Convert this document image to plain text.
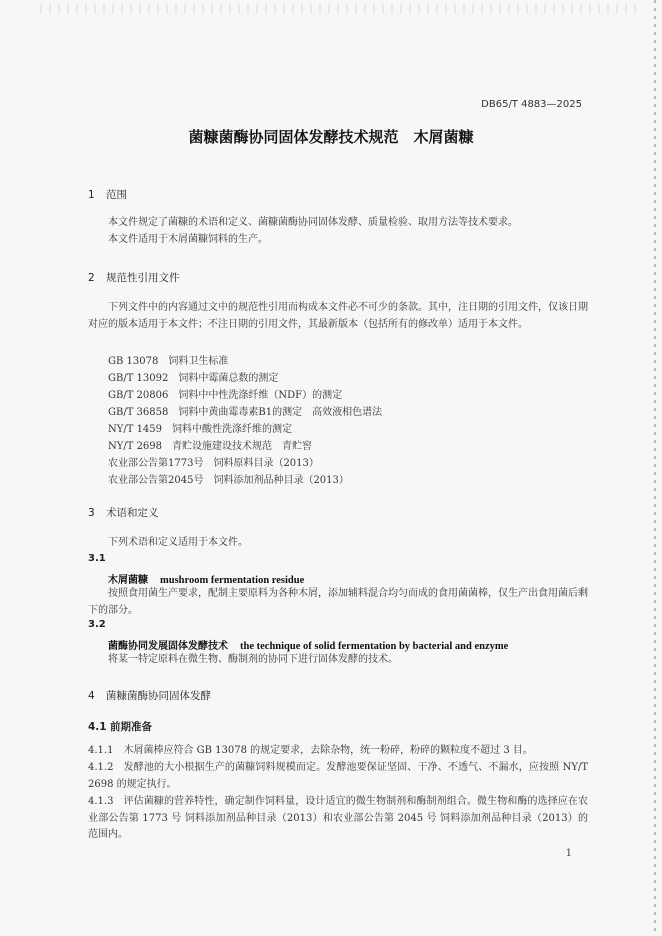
DB65/T 4883—2025
菌糠菌酶协同固体发酵技术规范　木屑菌糠
1 范围
本文件规定了菌糠的术语和定义、菌糠菌酶协同固体发酵、质量检验、取用方法等技术要求。
本文件适用于木屑菌糠饲料的生产。
2 规范性引用文件
下列文件中的内容通过文中的规范性引用而构成本文件必不可少的条款。其中，注日期的引用文件，仅该日期对应的版本适用于本文件；不注日期的引用文件，其最新版本（包括所有的修改单）适用于本文件。
GB 13078　饲料卫生标准
GB/T 13092　饲料中霉菌总数的测定
GB/T 20806　饲料中中性洗涤纤维（NDF）的测定
GB/T 36858　饲料中黄曲霉毒素B1的测定　高效液相色谱法
NY/T 1459　饲料中酸性洗涤纤维的测定
NY/T 2698　青贮设施建设技术规范　青贮窖
农业部公告第1773号　饲料原料目录（2013）
农业部公告第2045号　饲料添加剂品种目录（2013）
3 术语和定义
下列术语和定义适用于本文件。
3.1
木屑菌糠 mushroom fermentation residue
按照食用菌生产要求，配制主要原料为各种木屑，添加辅料混合均匀而成的食用菌菌棒，仅生产出食用菌后剩下的部分。
3.2
菌酶协同发展固体发酵技术 the technique of solid fermentation by bacterial and enzyme
将某一特定原料在微生物、酶制剂的协同下进行固体发酵的技术。
4 菌糠菌酶协同固体发酵
4.1 前期准备
4.1.1 木屑菌棒应符合 GB 13078 的规定要求，去除杂物，统一粉碎，粉碎的颗粒度不超过 3 目。
4.1.2 发酵池的大小根据生产的菌糠饲料规模而定。发酵池要保证坚固、干净、不透气、不漏水，应按照 NY/T 2698 的规定执行。
4.1.3 评估菌糠的营养特性，确定制作饲料量，设计适宜的微生物制剂和酶制剂组合。微生物和酶的选择应在农业部公告第 1773 号 饲料添加剂品种目录（2013）和农业部公告第 2045 号 饲料添加剂品种目录（2013）的范围内。
1
